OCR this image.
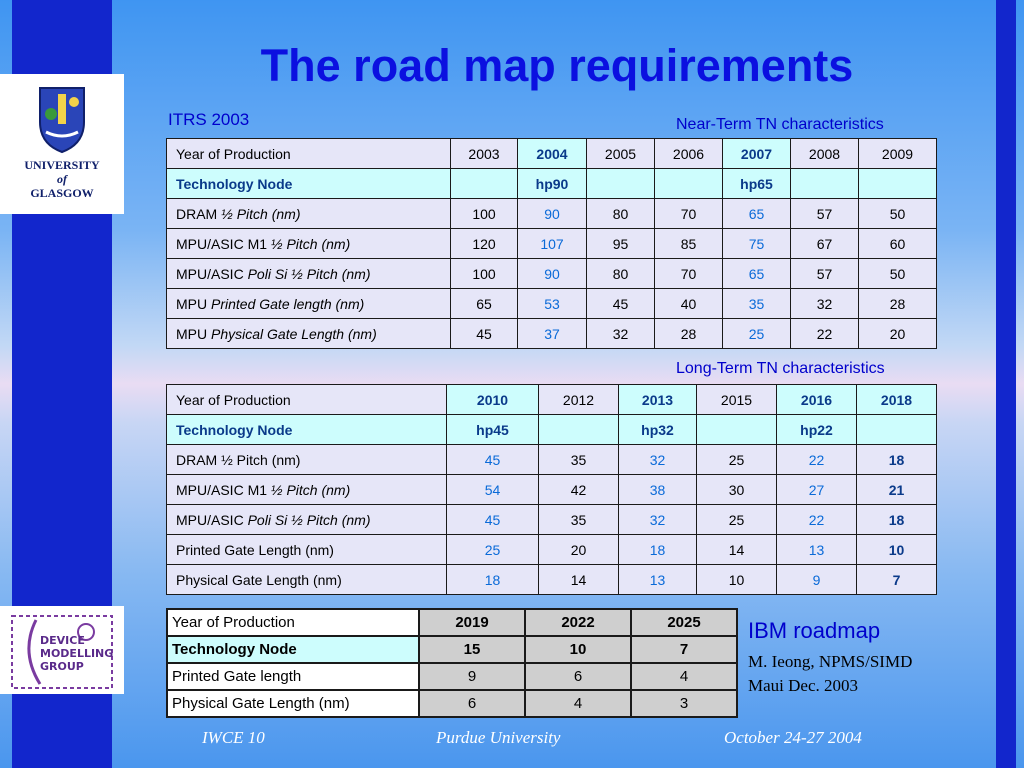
UNIVERSITY
of
GLASGOW
DEVICE
MODELLING
GROUP
The road map requirements
ITRS 2003	Near-Term TN characteristics
Year of Production	2003	2004	2005	2006	2007	2008	2009
Technology Node		hp90			hp65		
DRAM ½ Pitch (nm)	100	90	80	70	65	57	50
MPU/ASIC M1 ½ Pitch (nm)	120	107	95	85	75	67	60
MPU/ASIC Poli Si ½ Pitch (nm)	100	90	80	70	65	57	50
MPU Printed Gate length (nm)	65	53	45	40	35	32	28
MPU Physical Gate Length (nm)	45	37	32	28	25	22	20
Long-Term TN characteristics
Year of Production	2010	2012	2013	2015	2016	2018
Technology Node	hp45		hp32		hp22	
DRAM ½ Pitch (nm)	45	35	32	25	22	18
MPU/ASIC M1 ½ Pitch (nm)	54	42	38	30	27	21
MPU/ASIC Poli Si ½ Pitch (nm)	45	35	32	25	22	18
Printed Gate Length (nm)	25	20	18	14	13	10
Physical Gate Length (nm)	18	14	13	10	9	7
Year of Production	2019	2022	2025
Technology Node	15	10	7
Printed Gate length	9	6	4
Physical Gate Length (nm)	6	4	3
IBM roadmap
M. Ieong, NPMS/SIMD
Maui Dec. 2003
IWCE 10	Purdue University	October 24-27 2004
